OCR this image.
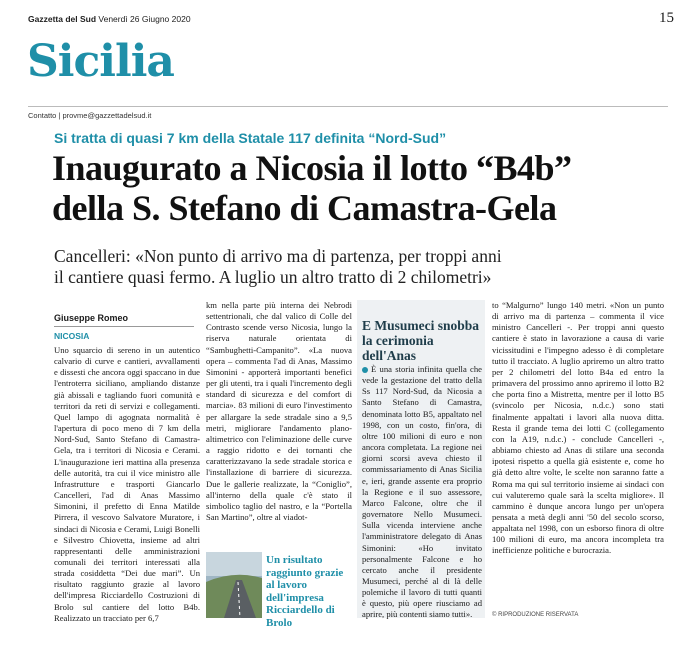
Gazzetta del Sud Venerdì 26 Giugno 2020	15
Sicilia
Contatto | provme@gazzettadelsud.it
Si tratta di quasi 7 km della Statale 117 definita “Nord-Sud”
Inaugurato a Nicosia il lotto “B4b”
della S. Stefano di Camastra-Gela
Cancelleri: «Non punto di arrivo ma di partenza, per troppi anni
il cantiere quasi fermo. A luglio un altro tratto di 2 chilometri»
Giuseppe Romeo
NICOSIA

Uno squarcio di sereno in un autentico calvario di curve e cantieri, avvallamenti e dissesti che ancora oggi spaccano in due l'entroterra siciliano, ampliando distanze già abissali e tagliando fuori comunità e territori da reti di servizi e collegamenti. Quel lampo di agognata normalità è l'apertura di poco meno di 7 km della Nord-Sud, Santo Stefano di Camastra-Gela, tra i territori di Nicosia e Cerami. L'inaugurazione ieri mattina alla presenza delle autorità, tra cui il vice ministro alle Infrastrutture e trasporti Giancarlo Cancelleri, l'ad di Anas Massimo Simonini, il prefetto di Enna Matilde Pirrera, il vescovo Salvatore Muratore, i sindaci di Nicosia e Cerami, Luigi Bonelli e Silvestro Chiovetta, insieme ad altri rappresentanti delle amministrazioni comunali dei territori interessati alla strada cosiddetta “Dei due mari”. Un risultato raggiunto grazie al lavoro dell'impresa Ricciardello Costruzioni di Brolo sul cantiere del lotto B4b. Realizzato un tracciato per 6,7

km nella parte più interna dei Nebrodi settentrionali, che dal valico di Colle del Contrasto scende verso Nicosia, lungo la riserva naturale orientata di “Sambughetti-Campanito”. «La nuova opera – commenta l'ad di Anas, Massimo Simonini - apporterà importanti benefici per gli utenti, tra i quali l'incremento degli standard di sicurezza e del comfort di marcia». 83 milioni di euro l'investimento per allargare la sede stradale sino a 9,5 metri, migliorare l'andamento plano-altimetrico con l'eliminazione delle curve a raggio ridotto e dei tornanti che caratterizzavano la sede stradale storica e l'installazione di barriere di sicurezza. Due le gallerie realizzate, la “Coniglio”, all'interno della quale c'è stato il simbolico taglio del nastro, e la “Portella San Martino”, oltre al viadot-

Un risultato raggiunto grazie al lavoro dell'impresa Ricciardello di Brolo
E Musumeci snobba la cerimonia dell'Anas

È una storia infinita quella che vede la gestazione del tratto della Ss 117 Nord-Sud, da Nicosia a Santo Stefano di Camastra, denominata lotto B5, appaltato nel 1998, con un costo, fin'ora, di oltre 100 milioni di euro e non ancora completata. La regione nei giorni scorsi aveva chiesto il commissariamento di Anas Sicilia e, ieri, grande assente era proprio la Regione e il suo assessore, Marco Falcone, oltre che il governatore Nello Musumeci. Sulla vicenda interviene anche l'amministratore delegato di Anas Simonini: «Ho invitato personalmente Falcone e ho cercato anche il presidente Musumeci, perché al di là delle polemiche il lavoro di tutti quanti è questo, più opere riusciamo ad aprire, più contenti siamo tutti».

to “Malgurno” lungo 140 metri. «Non un punto di arrivo ma di partenza – commenta il vice ministro Cancelleri -. Per troppi anni questo cantiere è stato in lavorazione a causa di varie vicissitudini e l'impegno adesso è di completare tutto il tracciato. A luglio apriremo un altro tratto per 2 chilometri del lotto B4a ed entro la primavera del prossimo anno apriremo il lotto B2 che porta fino a Mistretta, mentre per il lotto B5 (svincolo per Nicosia, n.d.c.) sono stati finalmente appaltati i lavori alla nuova ditta. Resta il grande tema dei lotti C (collegamento con la A19, n.d.c.) - conclude Cancelleri -, abbiamo chiesto ad Anas di stilare una seconda ipotesi rispetto a quella già esistente e, come ho già detto altre volte, le scelte non saranno fatte a Roma ma qui sul territorio insieme ai sindaci con cui valuteremo quale sarà la scelta migliore». Il cammino è dunque ancora lungo per un'opera pensata a metà degli anni '50 del secolo scorso, appaltata nel 1998, con un esborso finora di oltre 100 milioni di euro, ma ancora incompleta tra inefficienze politiche e burocrazia.

© RIPRODUZIONE RISERVATA
